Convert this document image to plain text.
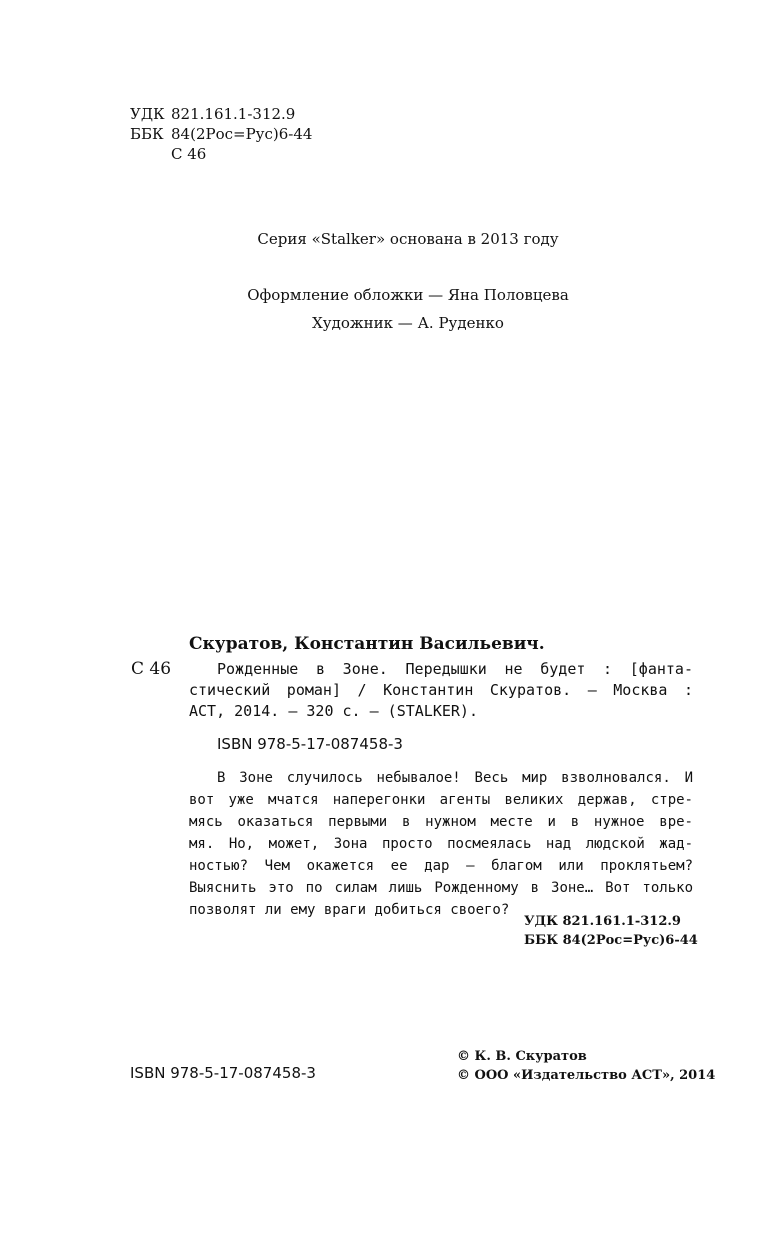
УДК 821.161.1-312.9
ББК 84(2Рос=Рус)6-44
С 46
Серия «Stalker» основана в 2013 году
Оформление обложки — Яна Половцева
Художник — А. Руденко
Скуратов, Константин Васильевич.
С 46	Рожденные в Зоне. Передышки не будет : [фанта-

стический роман] / Константин Скуратов. — Москва :

АСТ, 2014. — 320 с. — (STALKER).

ISBN 978-5-17-087458-3

В Зоне случилось небывалое! Весь мир взволновался. И

вот уже мчатся наперегонки агенты великих держав, стре-

мясь оказаться первыми в нужном месте и в нужное вре-

мя. Но, может, Зона просто посмеялась над людской жад-

ностью? Чем окажется ее дар — благом или проклятьем?

Выяснить это по силам лишь Рожденному в Зоне… Вот только

позволят ли ему враги добиться своего?

УДК 821.161.1-312.9
ББК 84(2Рос=Рус)6-44
ISBN 978-5-17-087458-3
© К. В. Скуратов
© ООО «Издательство АСТ», 2014
